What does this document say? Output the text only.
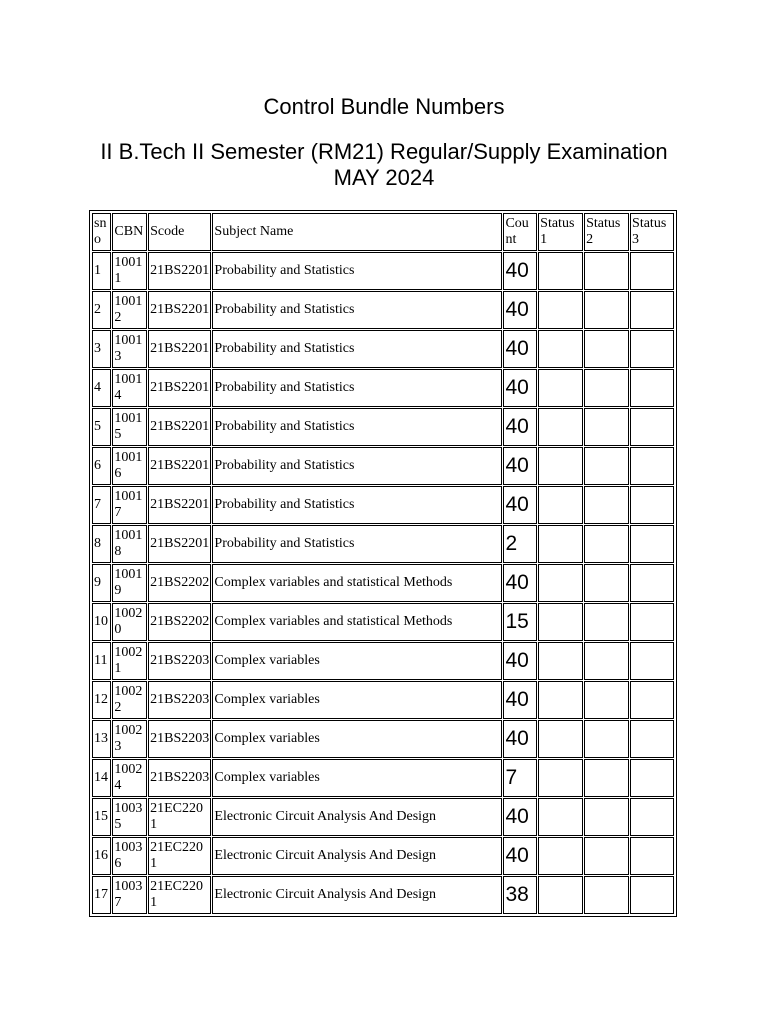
Control Bundle Numbers
II B.Tech II Semester (RM21) Regular/Supply Examination MAY 2024
sno	CBN	Scode	Subject Name	Count	Status 1	Status 2	Status 3
1	10011	21BS2201	Probability and Statistics	40			
2	10012	21BS2201	Probability and Statistics	40			
3	10013	21BS2201	Probability and Statistics	40			
4	10014	21BS2201	Probability and Statistics	40			
5	10015	21BS2201	Probability and Statistics	40			
6	10016	21BS2201	Probability and Statistics	40			
7	10017	21BS2201	Probability and Statistics	40			
8	10018	21BS2201	Probability and Statistics	2			
9	10019	21BS2202	Complex variables and statistical Methods	40			
10	10020	21BS2202	Complex variables and statistical Methods	15			
11	10021	21BS2203	Complex variables	40			
12	10022	21BS2203	Complex variables	40			
13	10023	21BS2203	Complex variables	40			
14	10024	21BS2203	Complex variables	7			
15	10035	21EC2201	Electronic Circuit Analysis And Design	40			
16	10036	21EC2201	Electronic Circuit Analysis And Design	40			
17	10037	21EC2201	Electronic Circuit Analysis And Design	38			
